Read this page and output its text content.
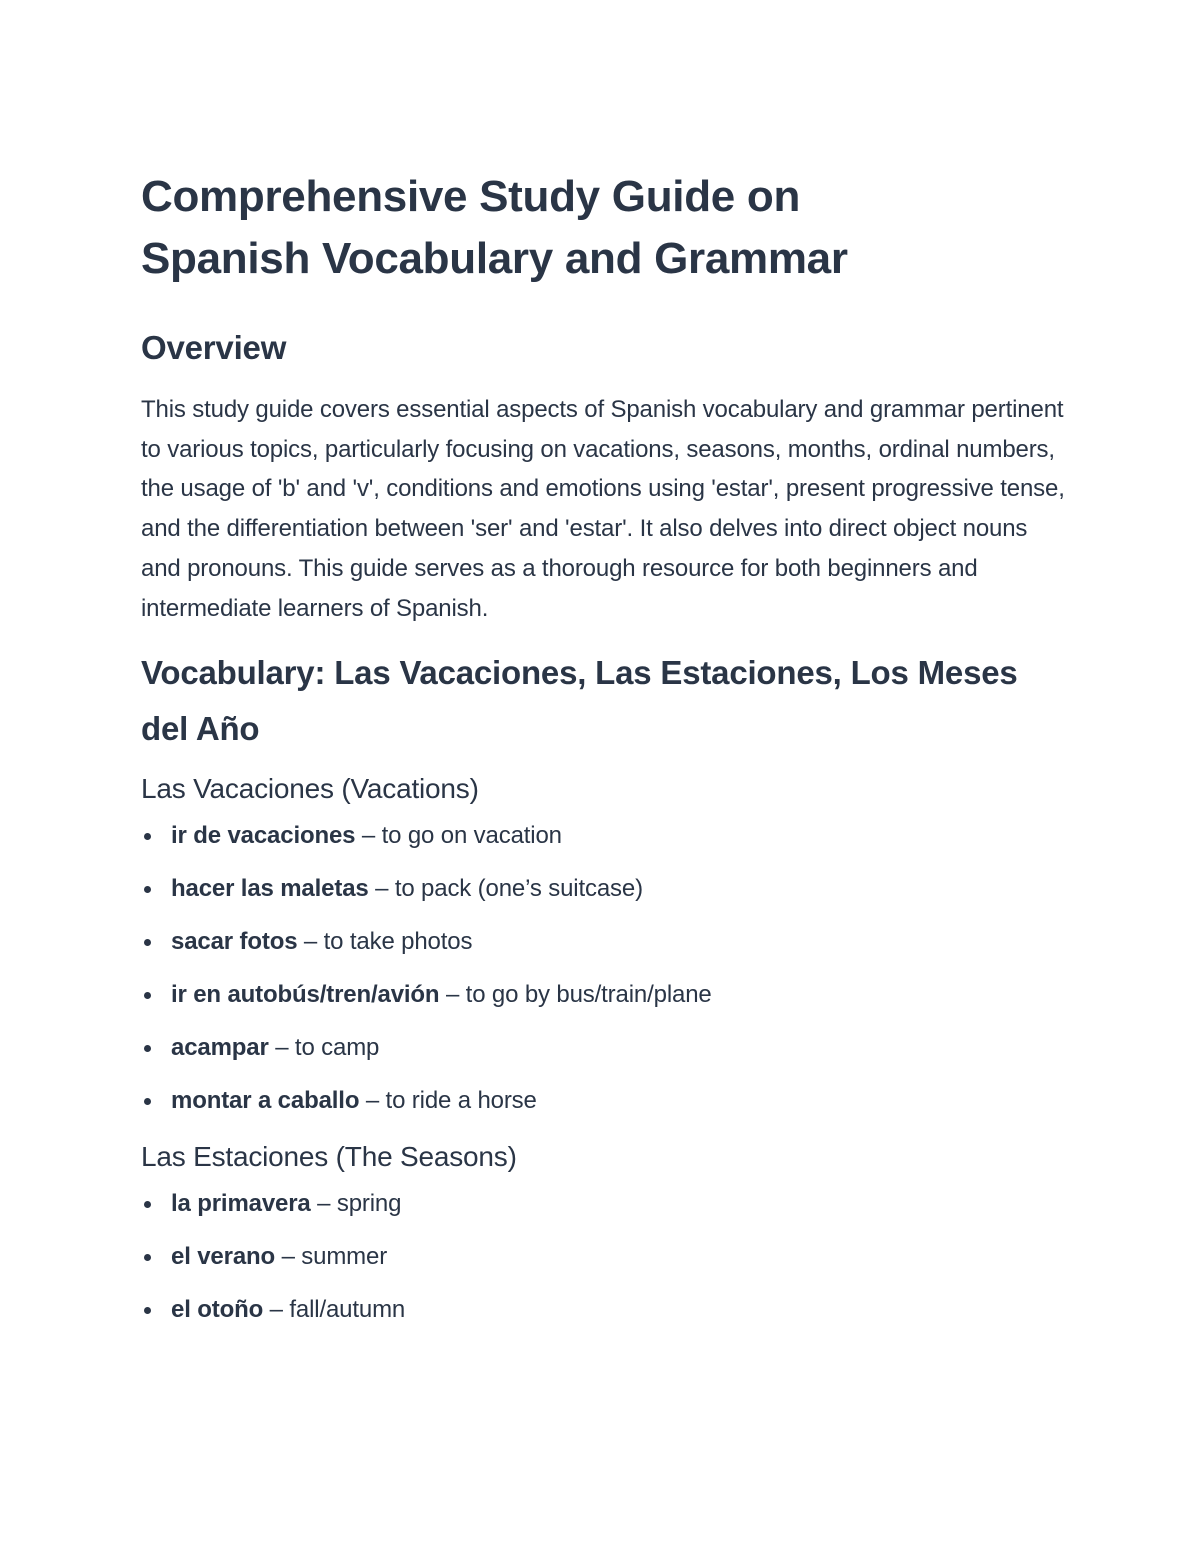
Comprehensive Study Guide on Spanish Vocabulary and Grammar
Overview

This study guide covers essential aspects of Spanish vocabulary and grammar pertinent to various topics, particularly focusing on vacations, seasons, months, ordinal numbers, the usage of 'b' and 'v', conditions and emotions using 'estar', present progressive tense, and the differentiation between 'ser' and 'estar'. It also delves into direct object nouns and pronouns. This guide serves as a thorough resource for both beginners and intermediate learners of Spanish.

Vocabulary: Las Vacaciones, Las Estaciones, Los Meses del Año
Las Vacaciones (Vacations)
ir de vacaciones – to go on vacation
hacer las maletas – to pack (one’s suitcase)
sacar fotos – to take photos
ir en autobús/tren/avión – to go by bus/train/plane
acampar – to camp
montar a caballo – to ride a horse
Las Estaciones (The Seasons)
la primavera – spring
el verano – summer
el otoño – fall/autumn
